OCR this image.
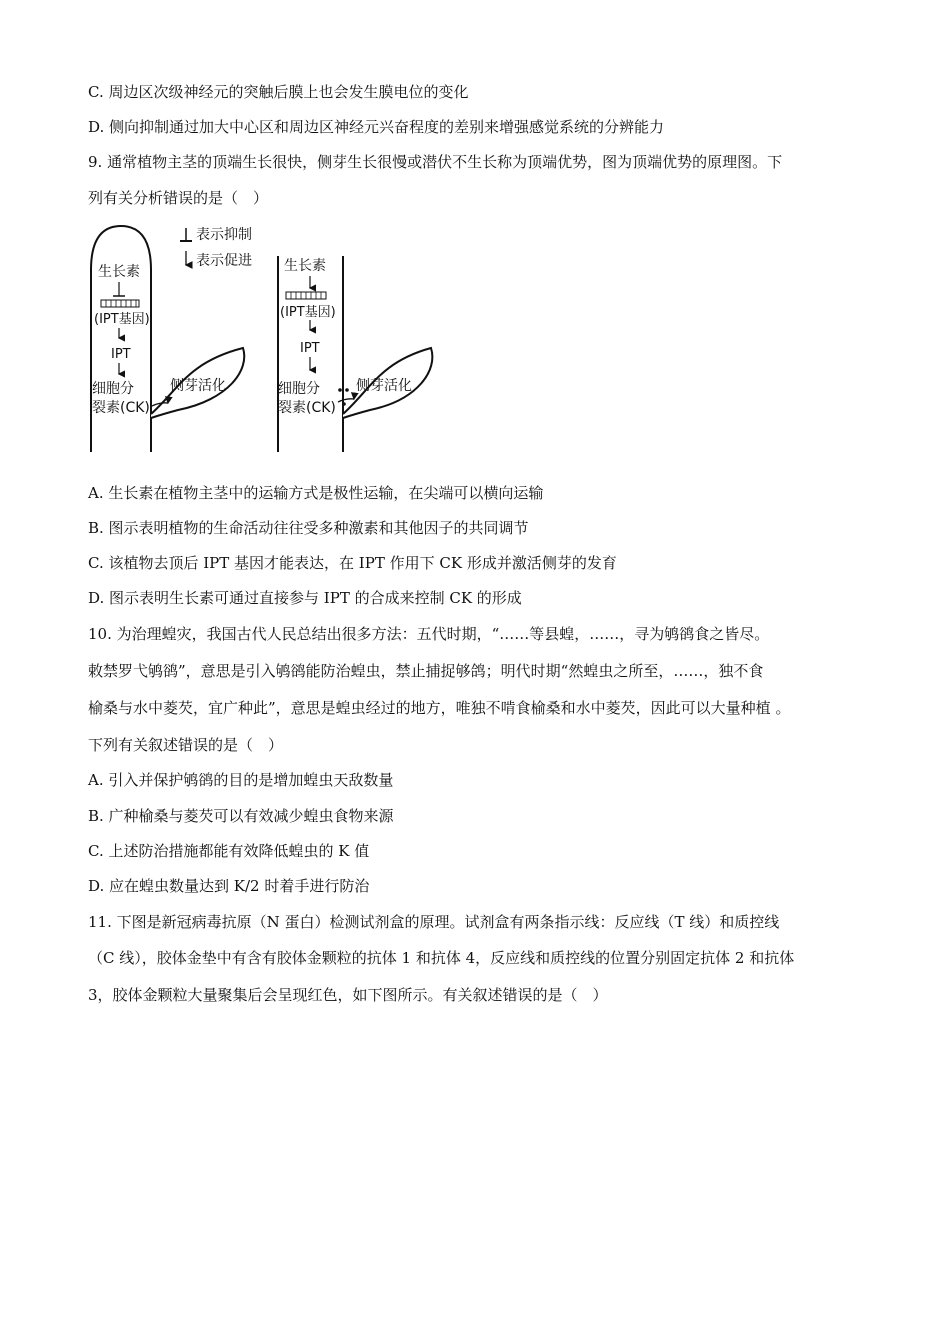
C. 周边区次级神经元的突触后膜上也会发生膜电位的变化
D. 侧向抑制通过加大中心区和周边区神经元兴奋程度的差别来增强感觉系统的分辨能力
9. 通常植物主茎的顶端生长很快，侧芽生长很慢或潜伏不生长称为顶端优势，图为顶端优势的原理图。下
列有关分析错误的是（　）
生长素
(IPT基因)
IPT
细胞分
裂素(CK)
侧芽活化
表示抑制
表示促进 生长素
(IPT基因)
IPT
细胞分
裂素(CK)
侧芽活化
A. 生长素在植物主茎中的运输方式是极性运输，在尖端可以横向运输
B. 图示表明植物的生命活动往往受多种激素和其他因子的共同调节
C. 该植物去顶后 IPT 基因才能表达，在 IPT 作用下 CK 形成并激活侧芽的发育
D. 图示表明生长素可通过直接参与 IPT 的合成来控制 CK 的形成
10. 为治理蝗灾，我国古代人民总结出很多方法：五代时期，“……等县蝗，……，寻为鸲鹆食之皆尽。
敕禁罗弋鸲鹆”，意思是引入鸲鹆能防治蝗虫，禁止捕捉够鸽；明代时期“然蝗虫之所至，……，独不食
榆桑与水中菱芡，宜广种此”，意思是蝗虫经过的地方，唯独不啃食榆桑和水中菱芡，因此可以大量种植 。
下列有关叙述错误的是（　）
A. 引入并保护鸲鹆的目的是增加蝗虫天敌数量
B. 广种榆桑与菱芡可以有效减少蝗虫食物来源
C. 上述防治措施都能有效降低蝗虫的 K 值
D. 应在蝗虫数量达到 K/2 时着手进行防治
11. 下图是新冠病毒抗原（N 蛋白）检测试剂盒的原理。试剂盒有两条指示线：反应线（T 线）和质控线
（C 线），胶体金垫中有含有胶体金颗粒的抗体 1 和抗体 4，反应线和质控线的位置分别固定抗体 2 和抗体
3，胶体金颗粒大量聚集后会呈现红色，如下图所示。有关叙述错误的是（　）
